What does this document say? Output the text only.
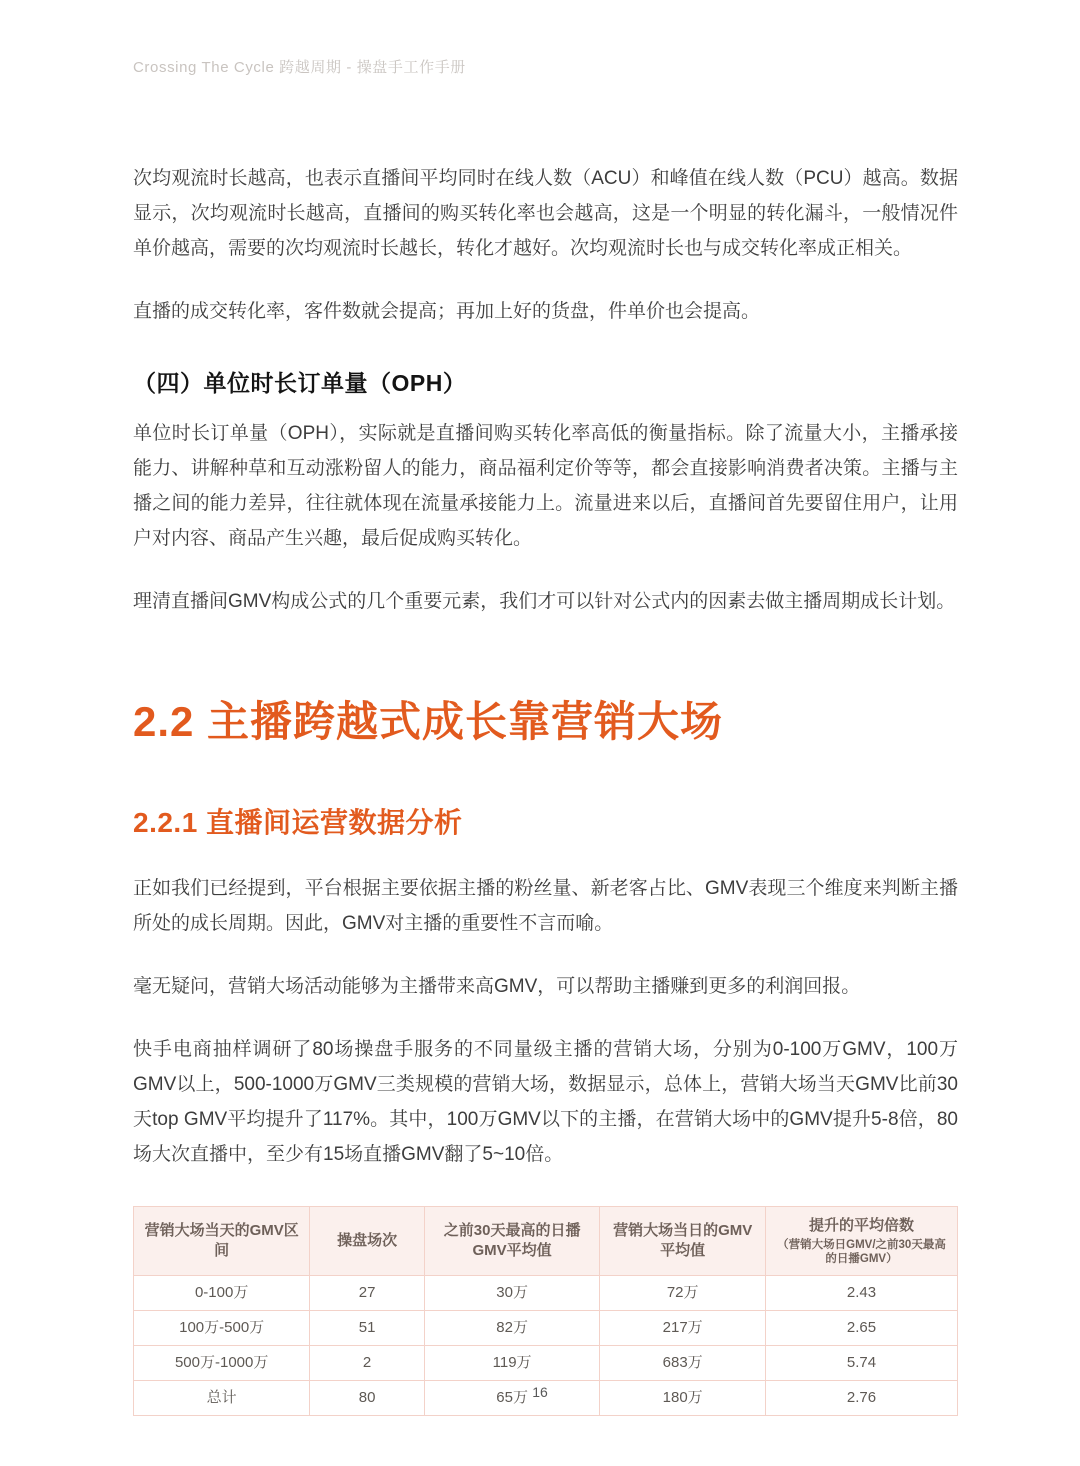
Crossing The Cycle 跨越周期 - 操盘手工作手册

次均观流时长越高，也表示直播间平均同时在线人数（ACU）和峰值在线人数（PCU）越高。数据显示，次均观流时长越高，直播间的购买转化率也会越高，这是一个明显的转化漏斗，一般情况件单价越高，需要的次均观流时长越长，转化才越好。次均观流时长也与成交转化率成正相关。

直播的成交转化率，客件数就会提高；再加上好的货盘，件单价也会提高。

（四）单位时长订单量（OPH）

单位时长订单量（OPH），实际就是直播间购买转化率高低的衡量指标。除了流量大小，主播承接能力、讲解种草和互动涨粉留人的能力，商品福利定价等等，都会直接影响消费者决策。主播与主播之间的能力差异，往往就体现在流量承接能力上。流量进来以后，直播间首先要留住用户，让用户对内容、商品产生兴趣，最后促成购买转化。

理清直播间GMV构成公式的几个重要元素，我们才可以针对公式内的因素去做主播周期成长计划。

2.2 主播跨越式成长靠营销大场
2.2.1 直播间运营数据分析

正如我们已经提到，平台根据主要依据主播的粉丝量、新老客占比、GMV表现三个维度来判断主播所处的成长周期。因此，GMV对主播的重要性不言而喻。

毫无疑问，营销大场活动能够为主播带来高GMV，可以帮助主播赚到更多的利润回报。

快手电商抽样调研了80场操盘手服务的不同量级主播的营销大场，分别为0-100万GMV，100万GMV以上，500-1000万GMV三类规模的营销大场，数据显示，总体上，营销大场当天GMV比前30天top GMV平均提升了117%。其中，100万GMV以下的主播，在营销大场中的GMV提升5-8倍，80场大次直播中，至少有15场直播GMV翻了5~10倍。

营销大场当天的GMV区间	操盘场次	之前30天最高的日播GMV平均值	营销大场当日的GMV平均值	提升的平均倍数
（营销大场日GMV/之前30天最高的日播GMV）

0-100万	27	30万	72万	2.43
100万-500万	51	82万	217万	2.65
500万-1000万	2	119万	683万	5.74
总计	80	65万	180万	2.76
16
